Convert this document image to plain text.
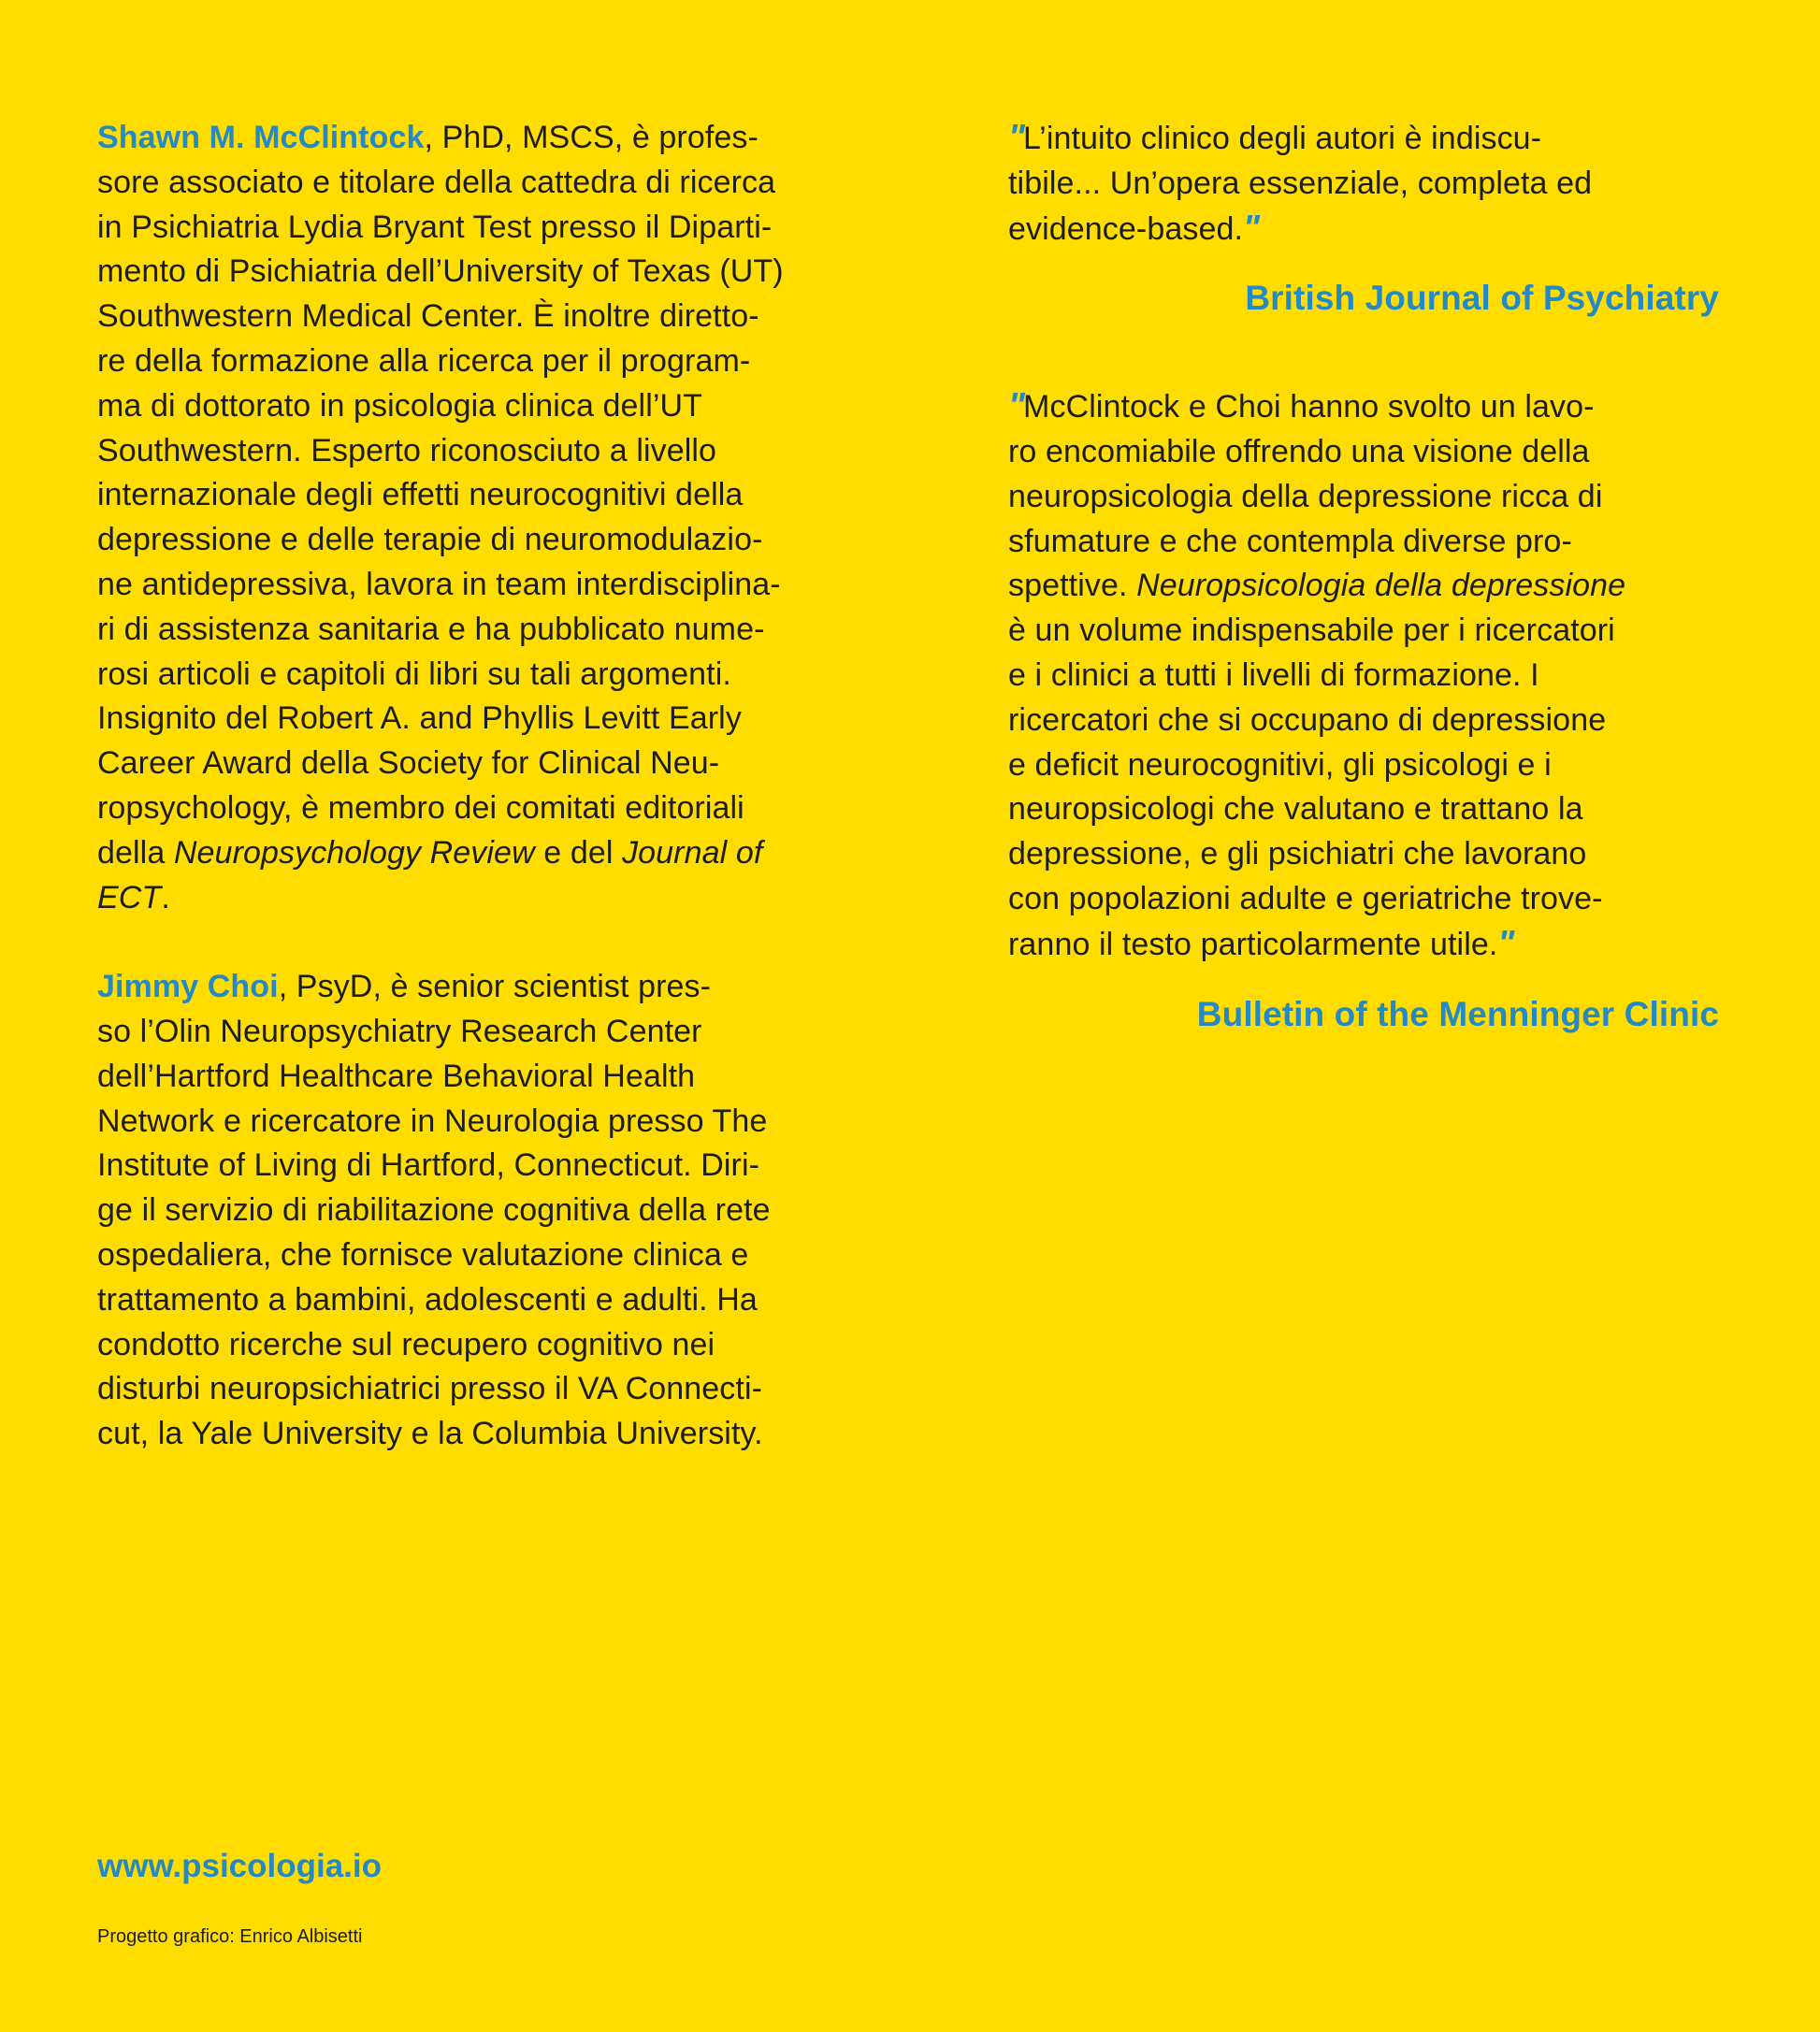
Shawn M. McClintock, PhD, MSCS, è profes-
sore associato e titolare della cattedra di ricerca
in Psichiatria Lydia Bryant Test presso il Diparti-
mento di Psichiatria dell’University of Texas (UT)
Southwestern Medical Center. È inoltre diretto-
re della formazione alla ricerca per il program-
ma di dottorato in psicologia clinica dell’UT
Southwestern. Esperto riconosciuto a livello
internazionale degli effetti neurocognitivi della
depressione e delle terapie di neuromodulazio-
ne antidepressiva, lavora in team interdisciplina-
ri di assistenza sanitaria e ha pubblicato nume-
rosi articoli e capitoli di libri su tali argomenti.
Insignito del Robert A. and Phyllis Levitt Early
Career Award della Society for Clinical Neu-
ropsychology, è membro dei comitati editoriali
della Neuropsychology Review e del Journal of
ECT.
Jimmy Choi, PsyD, è senior scientist pres-
so l’Olin Neuropsychiatry Research Center
dell’Hartford Healthcare Behavioral Health
Network e ricercatore in Neurologia presso The
Institute of Living di Hartford, Connecticut. Diri-
ge il servizio di riabilitazione cognitiva della rete
ospedaliera, che fornisce valutazione clinica e
trattamento a bambini, adolescenti e adulti. Ha
condotto ricerche sul recupero cognitivo nei
disturbi neuropsichiatrici presso il VA Connecti-
cut, la Yale University e la Columbia University.
"L’intuito clinico degli autori è indiscu-
tibile... Un’opera essenziale, completa ed
evidence-based."
British Journal of Psychiatry
"McClintock e Choi hanno svolto un lavo-
ro encomiabile offrendo una visione della
neuropsicologia della depressione ricca di
sfumature e che contempla diverse pro-
spettive. Neuropsicologia della depressione
è un volume indispensabile per i ricercatori
e i clinici a tutti i livelli di formazione. I
ricercatori che si occupano di depressione
e deficit neurocognitivi, gli psicologi e i
neuropsicologi che valutano e trattano la
depressione, e gli psichiatri che lavorano
con popolazioni adulte e geriatriche trove-
ranno il testo particolarmente utile."
Bulletin of the Menninger Clinic
www.psicologia.io
Progetto grafico: Enrico Albisetti
